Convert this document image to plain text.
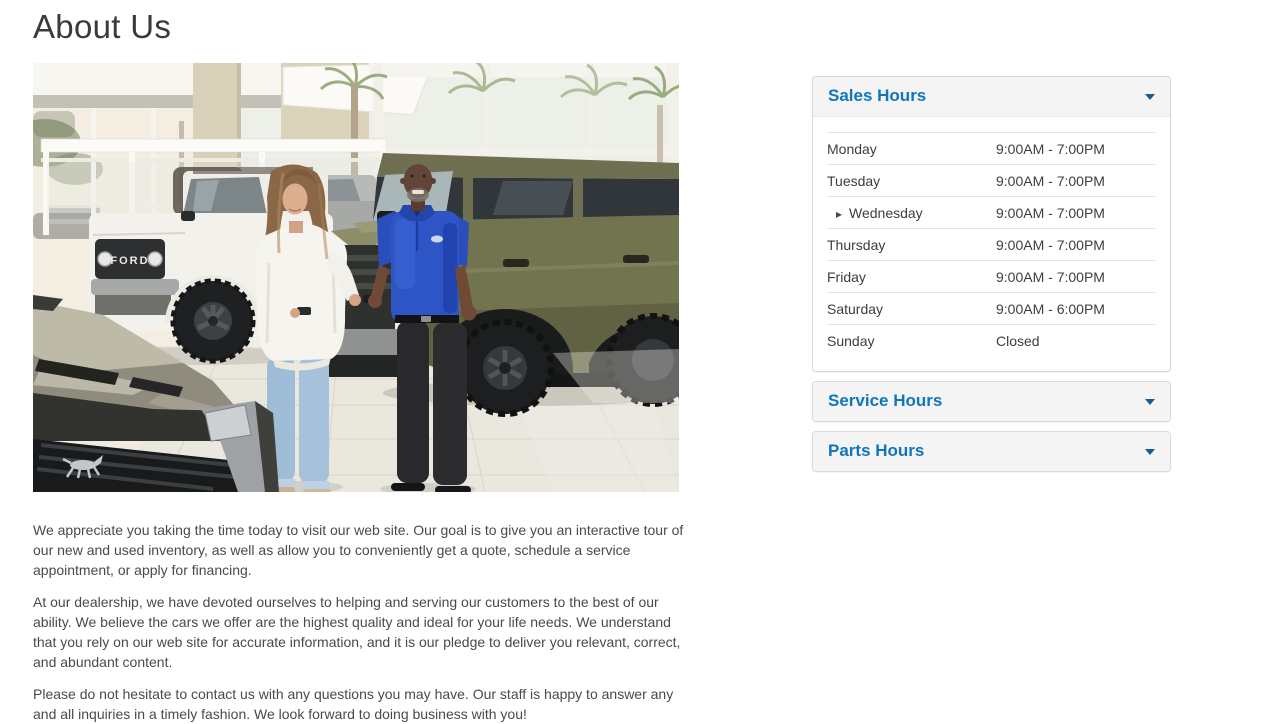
About Us
FORD

We appreciate you taking the time today to visit our web site. Our goal is to give you an interactive tour of our new and used inventory, as well as allow you to conveniently get a quote, schedule a service appointment, or apply for financing.

At our dealership, we have devoted ourselves to helping and serving our customers to the best of our ability. We believe the cars we offer are the highest quality and ideal for your life needs. We understand that you rely on our web site for accurate information, and it is our pledge to deliver you relevant, correct, and abundant content.

Please do not hesitate to contact us with any questions you may have. Our staff is happy to answer any and all inquiries in a timely fashion. We look forward to doing business with you!

Sales Hours
Monday	9:00AM - 7:00PM
Tuesday	9:00AM - 7:00PM
▸ Wednesday	9:00AM - 7:00PM
Thursday	9:00AM - 7:00PM
Friday	9:00AM - 7:00PM
Saturday	9:00AM - 6:00PM
Sunday	Closed
Service Hours
Parts Hours
